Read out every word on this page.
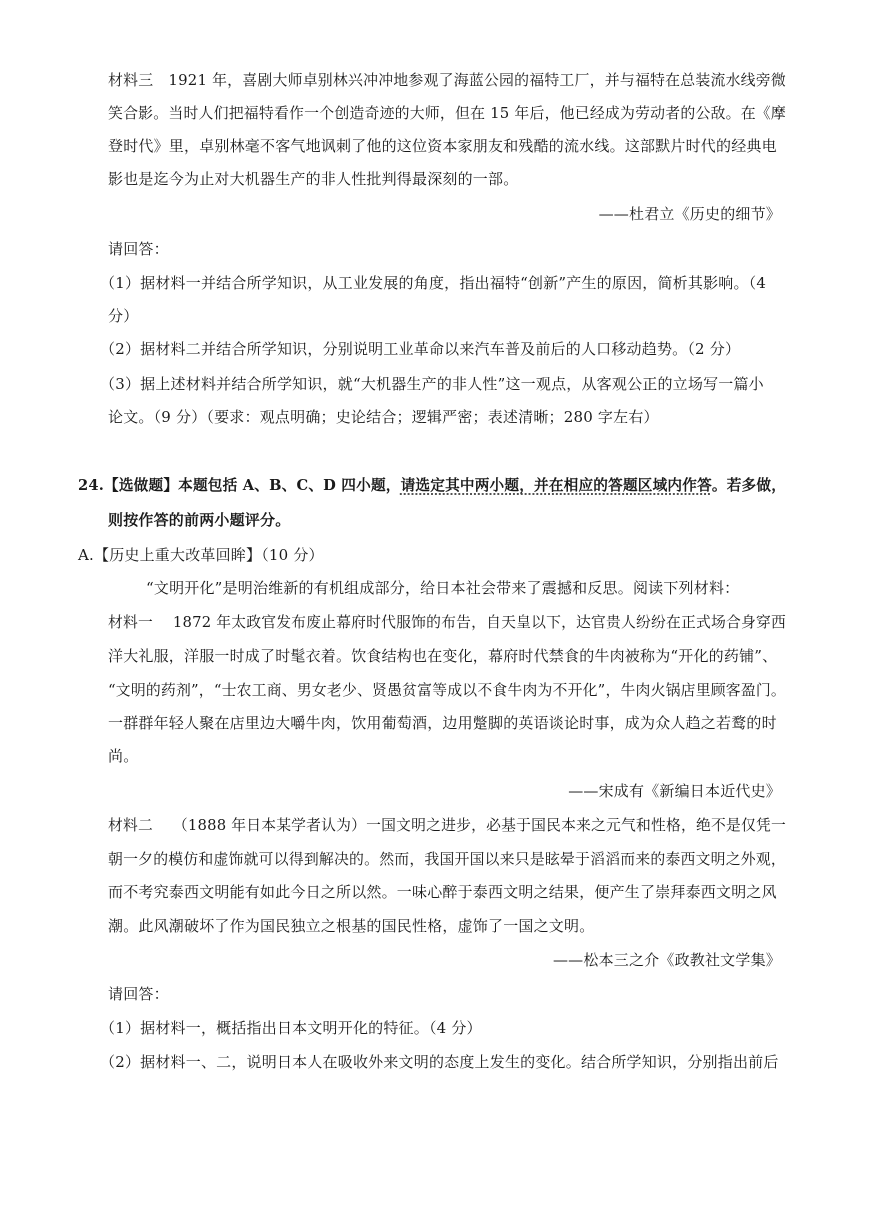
材料三　1921 年，喜剧大师卓别林兴冲冲地参观了海蓝公园的福特工厂，并与福特在总装流水线旁微
笑合影。当时人们把福特看作一个创造奇迹的大师，但在 15 年后，他已经成为劳动者的公敌。在《摩
登时代》里，卓别林毫不客气地讽刺了他的这位资本家朋友和残酷的流水线。这部默片时代的经典电
影也是迄今为止对大机器生产的非人性批判得最深刻的一部。
——杜君立《历史的细节》
请回答：
（1）据材料一并结合所学知识，从工业发展的角度，指出福特“创新”产生的原因，简析其影响。（4
分）
（2）据材料二并结合所学知识，分别说明工业革命以来汽车普及前后的人口移动趋势。（2 分）
（3）据上述材料并结合所学知识，就“大机器生产的非人性”这一观点，从客观公正的立场写一篇小
论文。（9 分）（要求：观点明确；史论结合；逻辑严密；表述清晰；280 字左右）
24.【选做题】本题包括 A、B、C、D 四小题，请选定其中两小题，并在相应的答题区域内作答。若多做，
则按作答的前两小题评分。
A.【历史上重大改革回眸】（10 分）
“文明开化”是明治维新的有机组成部分，给日本社会带来了震撼和反思。阅读下列材料：
材料一　 1872 年太政官发布废止幕府时代服饰的布告，自天皇以下，达官贵人纷纷在正式场合身穿西
洋大礼服，洋服一时成了时髦衣着。饮食结构也在变化，幕府时代禁食的牛肉被称为“开化的药铺”、
“文明的药剂”，“士农工商、男女老少、贤愚贫富等成以不食牛肉为不开化”，牛肉火锅店里顾客盈门。
一群群年轻人聚在店里边大嚼牛肉，饮用葡萄酒，边用蹩脚的英语谈论时事，成为众人趋之若鹜的时
尚。
——宋成有《新编日本近代史》
材料二　 （1888 年日本某学者认为）一国文明之进步，必基于国民本来之元气和性格，绝不是仅凭一
朝一夕的模仿和虚饰就可以得到解决的。然而，我国开国以来只是眩晕于滔滔而来的泰西文明之外观，
而不考究泰西文明能有如此今日之所以然。一味心醉于泰西文明之结果，便产生了崇拜泰西文明之风
潮。此风潮破坏了作为国民独立之根基的国民性格，虚饰了一国之文明。
——松本三之介《政教社文学集》
请回答：
（1）据材料一，概括指出日本文明开化的特征。（4 分）
（2）据材料一、二，说明日本人在吸收外来文明的态度上发生的变化。结合所学知识，分别指出前后
